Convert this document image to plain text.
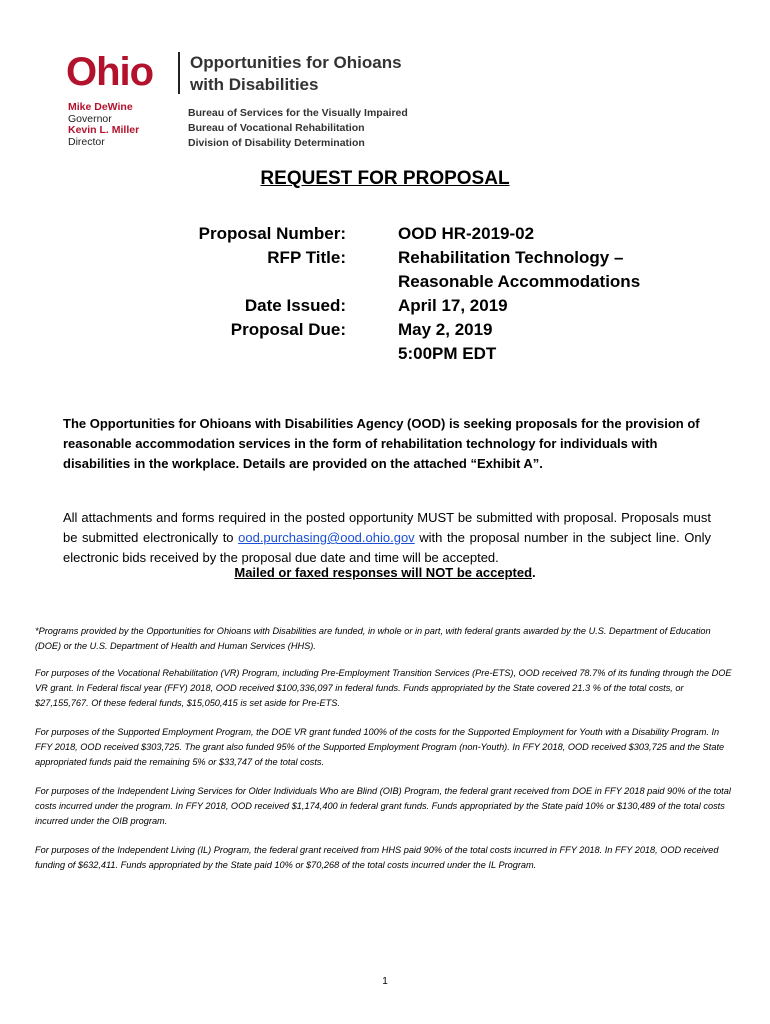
Ohio Opportunities for Ohioans
with Disabilities
Mike DeWine
Governor
Kevin L. Miller
Director
Bureau of Services for the Visually Impaired
Bureau of Vocational Rehabilitation
Division of Disability Determination
REQUEST FOR PROPOSAL
Proposal Number:	OOD HR-2019-02
RFP Title:	Rehabilitation Technology –
Reasonable Accommodations
Date Issued:	April 17, 2019
Proposal Due:	May 2, 2019
5:00PM EDT
The Opportunities for Ohioans with Disabilities Agency (OOD) is seeking proposals for the provision of reasonable accommodation services in the form of rehabilitation technology for individuals with disabilities in the workplace. Details are provided on the attached “Exhibit A”.
All attachments and forms required in the posted opportunity MUST be submitted with proposal. Proposals must be submitted electronically to ood.purchasing@ood.ohio.gov with the proposal number in the subject line. Only electronic bids received by the proposal due date and time will be accepted.
Mailed or faxed responses will NOT be accepted.

*Programs provided by the Opportunities for Ohioans with Disabilities are funded, in whole or in part, with federal grants awarded by the U.S. Department of Education (DOE) or the U.S. Department of Health and Human Services (HHS).

For purposes of the Vocational Rehabilitation (VR) Program, including Pre-Employment Transition Services (Pre-ETS), OOD received 78.7% of its funding through the DOE VR grant. In Federal fiscal year (FFY) 2018, OOD received $100,336,097 in federal funds. Funds appropriated by the State covered 21.3 % of the total costs, or $27,155,767. Of these federal funds, $15,050,415 is set aside for Pre-ETS.

For purposes of the Supported Employment Program, the DOE VR grant funded 100% of the costs for the Supported Employment for Youth with a Disability Program. In FFY 2018, OOD received $303,725. The grant also funded 95% of the Supported Employment Program (non-Youth). In FFY 2018, OOD received $303,725 and the State appropriated funds paid the remaining 5% or $33,747 of the total costs.

For purposes of the Independent Living Services for Older Individuals Who are Blind (OIB) Program, the federal grant received from DOE in FFY 2018 paid 90% of the total costs incurred under the program. In FFY 2018, OOD received $1,174,400 in federal grant funds. Funds appropriated by the State paid 10% or $130,489 of the total costs incurred under the OIB program.

For purposes of the Independent Living (IL) Program, the federal grant received from HHS paid 90% of the total costs incurred in FFY 2018. In FFY 2018, OOD received funding of $632,411. Funds appropriated by the State paid 10% or $70,268 of the total costs incurred under the IL Program.

1
